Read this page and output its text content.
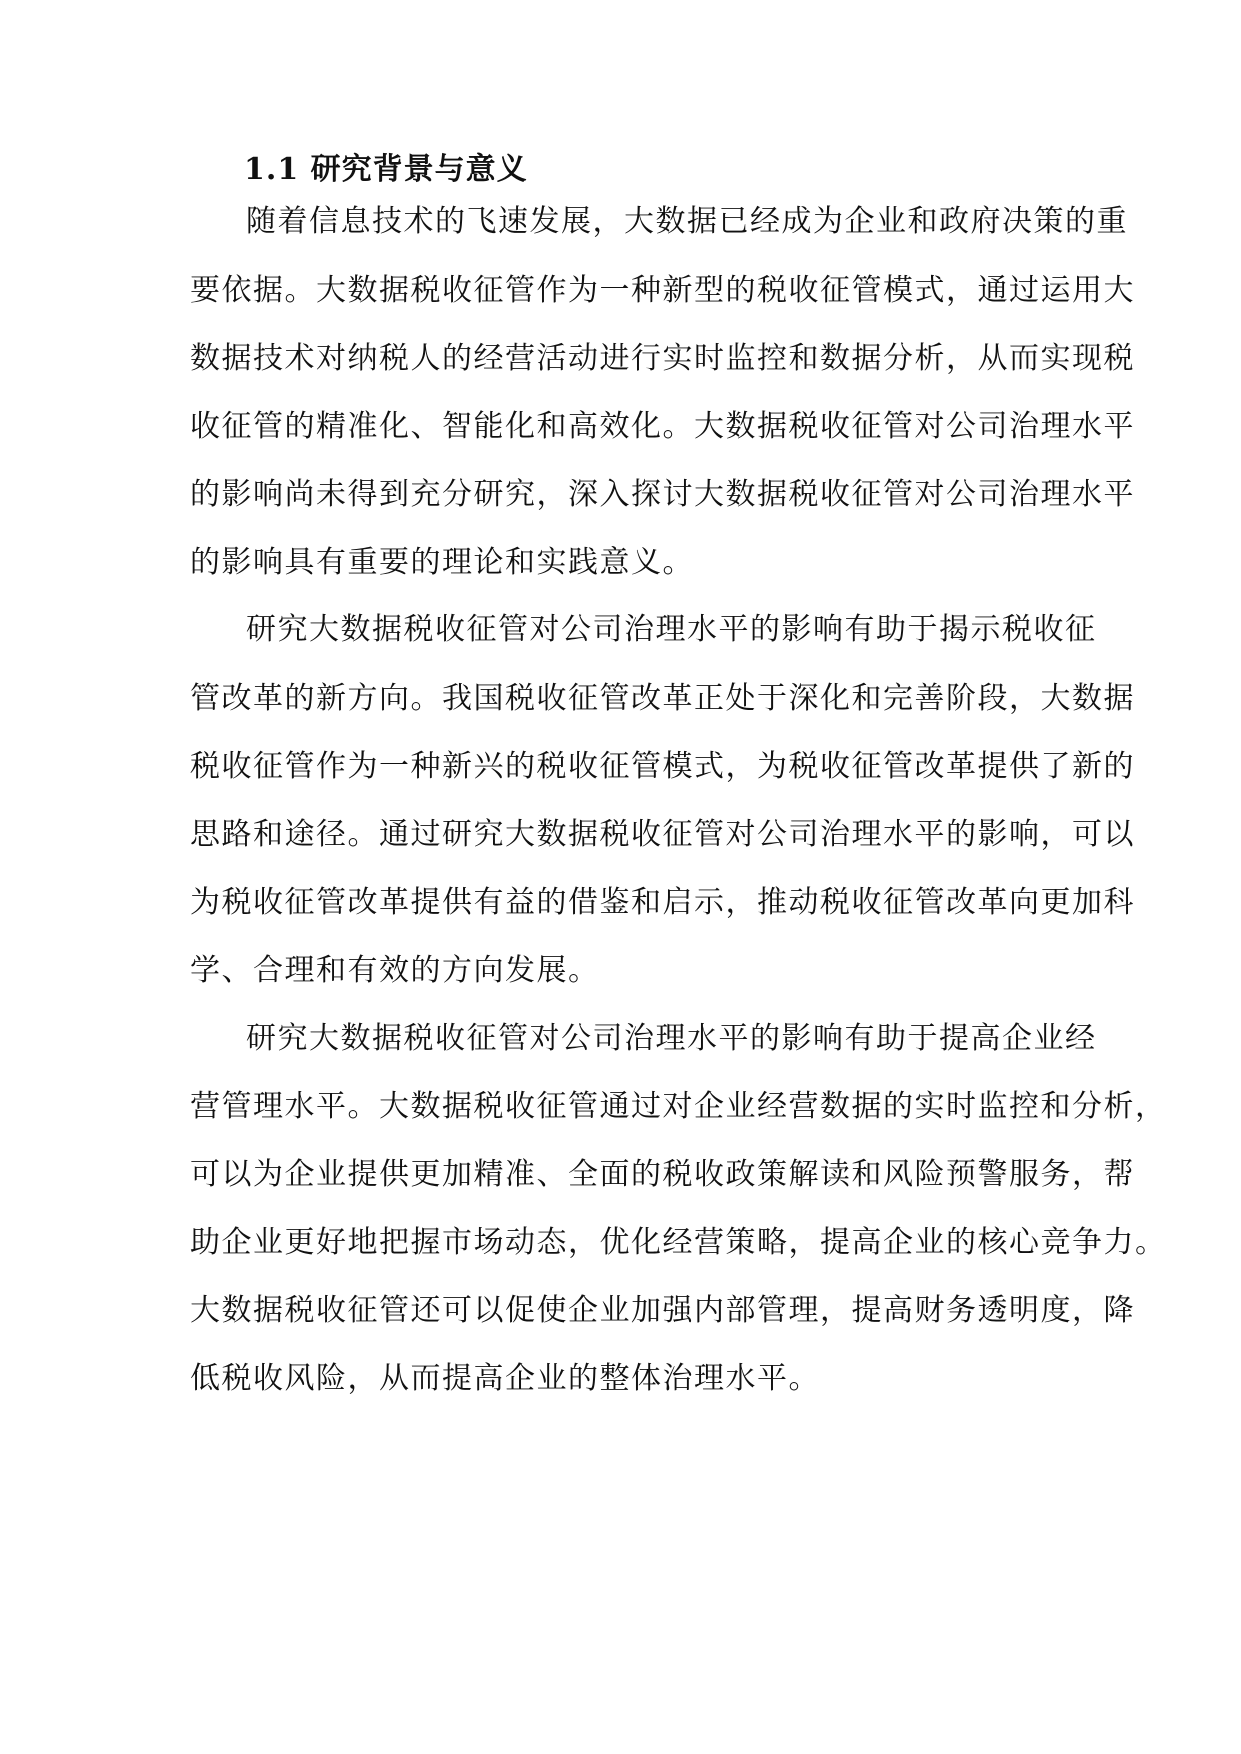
1.1 研究背景与意义
随着信息技术的飞速发展，大数据已经成为企业和政府决策的重
要依据。大数据税收征管作为一种新型的税收征管模式，通过运用大
数据技术对纳税人的经营活动进行实时监控和数据分析，从而实现税
收征管的精准化、智能化和高效化。大数据税收征管对公司治理水平
的影响尚未得到充分研究，深入探讨大数据税收征管对公司治理水平
的影响具有重要的理论和实践意义。
研究大数据税收征管对公司治理水平的影响有助于揭示税收征
管改革的新方向。我国税收征管改革正处于深化和完善阶段，大数据
税收征管作为一种新兴的税收征管模式，为税收征管改革提供了新的
思路和途径。通过研究大数据税收征管对公司治理水平的影响，可以
为税收征管改革提供有益的借鉴和启示，推动税收征管改革向更加科
学、合理和有效的方向发展。
研究大数据税收征管对公司治理水平的影响有助于提高企业经
营管理水平。大数据税收征管通过对企业经营数据的实时监控和分析，
可以为企业提供更加精准、全面的税收政策解读和风险预警服务，帮
助企业更好地把握市场动态，优化经营策略，提高企业的核心竞争力。
大数据税收征管还可以促使企业加强内部管理，提高财务透明度，降
低税收风险，从而提高企业的整体治理水平。
